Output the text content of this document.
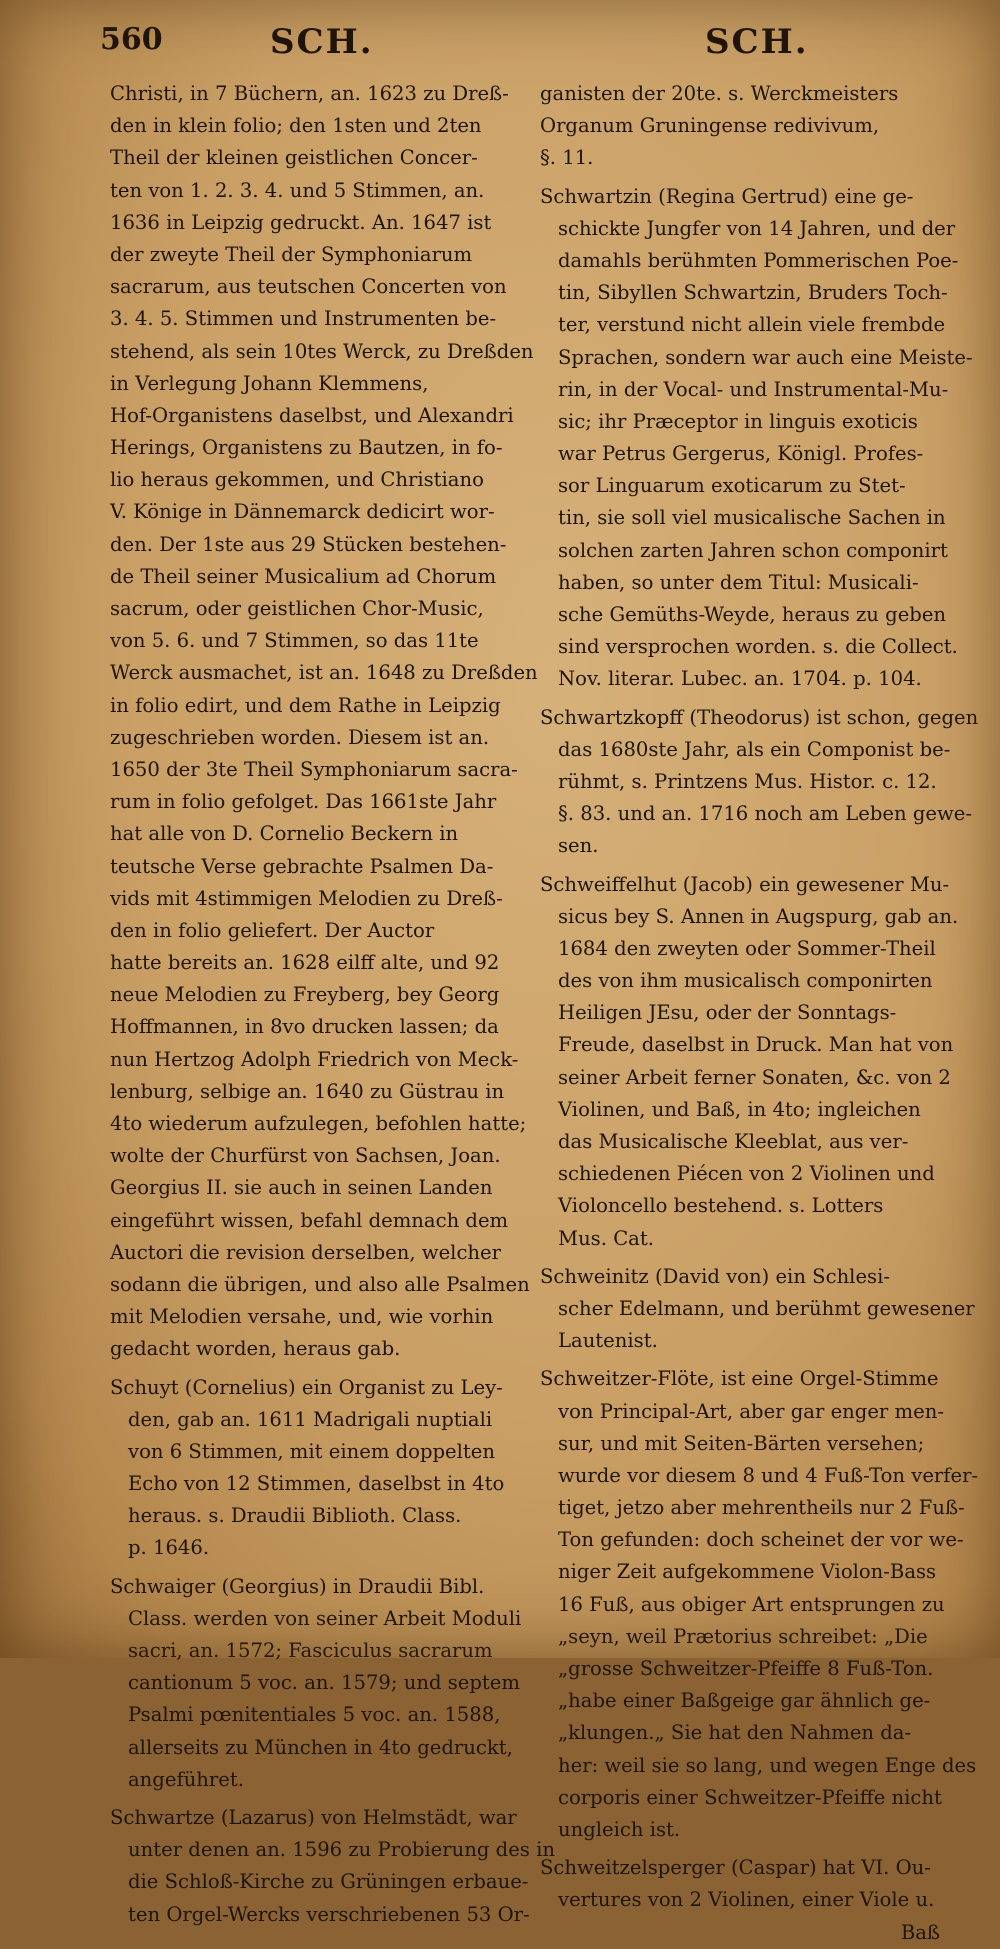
560	SCH.	SCH.
Christi, in 7 Büchern, an. 1623 zu Dreß-
den in klein folio; den 1sten und 2ten
Theil der kleinen geistlichen Concer-
ten von 1. 2. 3. 4. und 5 Stimmen, an.
1636 in Leipzig gedruckt. An. 1647 ist
der zweyte Theil der Symphoniarum
sacrarum, aus teutschen Concerten von
3. 4. 5. Stimmen und Instrumenten be-
stehend, als sein 10tes Werck, zu Dreßden
in Verlegung Johann Klemmens,
Hof-Organistens daselbst, und Alexandri
Herings, Organistens zu Bautzen, in fo-
lio heraus gekommen, und Christiano
V. Könige in Dännemarck dedicirt wor-
den. Der 1ste aus 29 Stücken bestehen-
de Theil seiner Musicalium ad Chorum
sacrum, oder geistlichen Chor-Music,
von 5. 6. und 7 Stimmen, so das 11te
Werck ausmachet, ist an. 1648 zu Dreßden
in folio edirt, und dem Rathe in Leipzig
zugeschrieben worden. Diesem ist an.
1650 der 3te Theil Symphoniarum sacra-
rum in folio gefolget. Das 1661ste Jahr
hat alle von D. Cornelio Beckern in
teutsche Verse gebrachte Psalmen Da-
vids mit 4stimmigen Melodien zu Dreß-
den in folio geliefert. Der Auctor
hatte bereits an. 1628 eilff alte, und 92
neue Melodien zu Freyberg, bey Georg
Hoffmannen, in 8vo drucken lassen; da
nun Hertzog Adolph Friedrich von Meck-
lenburg, selbige an. 1640 zu Güstrau in
4to wiederum aufzulegen, befohlen hatte;
wolte der Churfürst von Sachsen, Joan.
Georgius II. sie auch in seinen Landen
eingeführt wissen, befahl demnach dem
Auctori die revision derselben, welcher
sodann die übrigen, und also alle Psalmen
mit Melodien versahe, und, wie vorhin
gedacht worden, heraus gab.
Schuyt (Cornelius) ein Organist zu Ley-
den, gab an. 1611 Madrigali nuptiali
von 6 Stimmen, mit einem doppelten
Echo von 12 Stimmen, daselbst in 4to
heraus. s. Draudii Biblioth. Class.
p. 1646.
Schwaiger (Georgius) in Draudii Bibl.
Class. werden von seiner Arbeit Moduli
sacri, an. 1572; Fasciculus sacrarum
cantionum 5 voc. an. 1579; und septem
Psalmi pœnitentiales 5 voc. an. 1588,
allerseits zu München in 4to gedruckt,
angeführet.
Schwartze (Lazarus) von Helmstädt, war
unter denen an. 1596 zu Probierung des in
die Schloß-Kirche zu Grüningen erbaue-
ten Orgel-Wercks verschriebenen 53 Or-
ganisten der 20te. s. Werckmeisters
Organum Gruningense redivivum,
§. 11.
Schwartzin (Regina Gertrud) eine ge-
schickte Jungfer von 14 Jahren, und der
damahls berühmten Pommerischen Poe-
tin, Sibyllen Schwartzin, Bruders Toch-
ter, verstund nicht allein viele frembde
Sprachen, sondern war auch eine Meiste-
rin, in der Vocal- und Instrumental-Mu-
sic; ihr Præceptor in linguis exoticis
war Petrus Gergerus, Königl. Profes-
sor Linguarum exoticarum zu Stet-
tin, sie soll viel musicalische Sachen in
solchen zarten Jahren schon componirt
haben, so unter dem Titul: Musicali-
sche Gemüths-Weyde, heraus zu geben
sind versprochen worden. s. die Collect.
Nov. literar. Lubec. an. 1704. p. 104.
Schwartzkopff (Theodorus) ist schon, gegen
das 1680ste Jahr, als ein Componist be-
rühmt, s. Printzens Mus. Histor. c. 12.
§. 83. und an. 1716 noch am Leben gewe-
sen.
Schweiffelhut (Jacob) ein gewesener Mu-
sicus bey S. Annen in Augspurg, gab an.
1684 den zweyten oder Sommer-Theil
des von ihm musicalisch componirten
Heiligen JEsu, oder der Sonntags-
Freude, daselbst in Druck. Man hat von
seiner Arbeit ferner Sonaten, &c. von 2
Violinen, und Baß, in 4to; ingleichen
das Musicalische Kleeblat, aus ver-
schiedenen Piécen von 2 Violinen und
Violoncello bestehend. s. Lotters
Mus. Cat.
Schweinitz (David von) ein Schlesi-
scher Edelmann, und berühmt gewesener
Lautenist.
Schweitzer-Flöte, ist eine Orgel-Stimme
von Principal-Art, aber gar enger men-
sur, und mit Seiten-Bärten versehen;
wurde vor diesem 8 und 4 Fuß-Ton verfer-
tiget, jetzo aber mehrentheils nur 2 Fuß-
Ton gefunden: doch scheinet der vor we-
niger Zeit aufgekommene Violon-Bass
16 Fuß, aus obiger Art entsprungen zu
„seyn, weil Prætorius schreibet: „Die
„grosse Schweitzer-Pfeiffe 8 Fuß-Ton.
„habe einer Baßgeige gar ähnlich ge-
„klungen.„ Sie hat den Nahmen da-
her: weil sie so lang, und wegen Enge des
corporis einer Schweitzer-Pfeiffe nicht
ungleich ist.
Schweitzelsperger (Caspar) hat VI. Ou-
vertures von 2 Violinen, einer Viole u.
Baß
